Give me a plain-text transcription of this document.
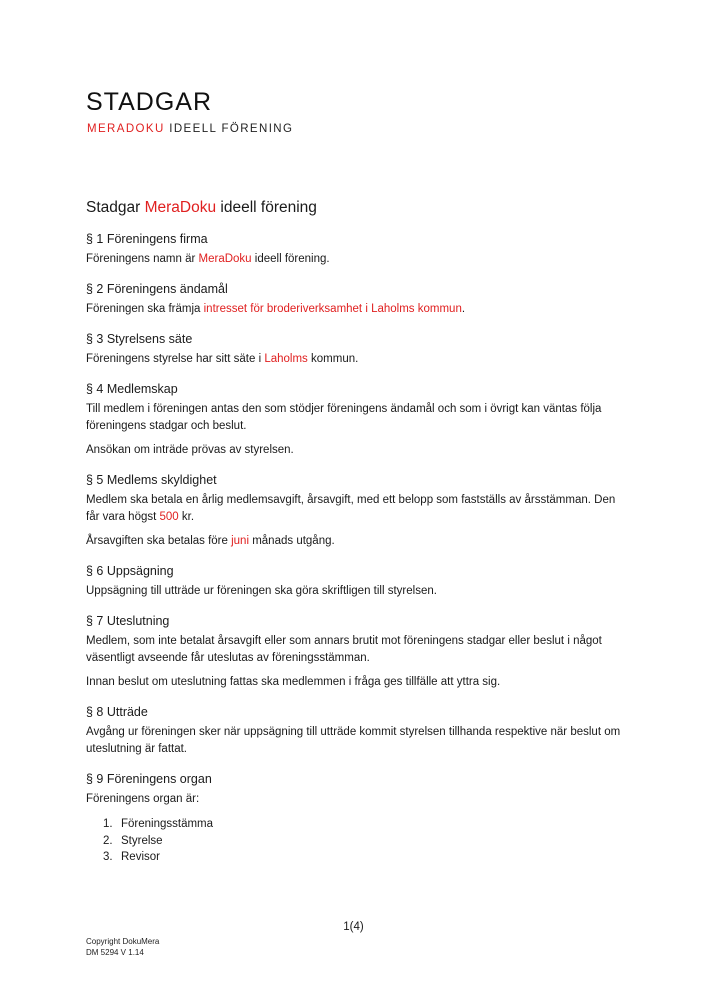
STADGAR
MERADOKU IDEELL FÖRENING
Stadgar MeraDoku ideell förening
§ 1 Föreningens firma

Föreningens namn är MeraDoku ideell förening.

§ 2 Föreningens ändamål

Föreningen ska främja intresset för broderiverksamhet i Laholms kommun.

§ 3 Styrelsens säte

Föreningens styrelse har sitt säte i Laholms kommun.

§ 4 Medlemskap

Till medlem i föreningen antas den som stödjer föreningens ändamål och som i övrigt kan väntas följa föreningens stadgar och beslut.

Ansökan om inträde prövas av styrelsen.

§ 5 Medlems skyldighet

Medlem ska betala en årlig medlemsavgift, årsavgift, med ett belopp som fastställs av årsstämman. Den får vara högst 500 kr.

Årsavgiften ska betalas före juni månads utgång.

§ 6 Uppsägning

Uppsägning till utträde ur föreningen ska göra skriftligen till styrelsen.

§ 7 Uteslutning

Medlem, som inte betalat årsavgift eller som annars brutit mot föreningens stadgar eller beslut i något väsentligt avseende får uteslutas av föreningsstämman.

Innan beslut om uteslutning fattas ska medlemmen i fråga ges tillfälle att yttra sig.

§ 8 Utträde

Avgång ur föreningen sker när uppsägning till utträde kommit styrelsen tillhanda respektive när beslut om uteslutning är fattat.

§ 9 Föreningens organ

Föreningens organ är:

1. Föreningsstämma
2. Styrelse
3. Revisor
1(4)
Copyright DokuMera
DM 5294 V 1.14
